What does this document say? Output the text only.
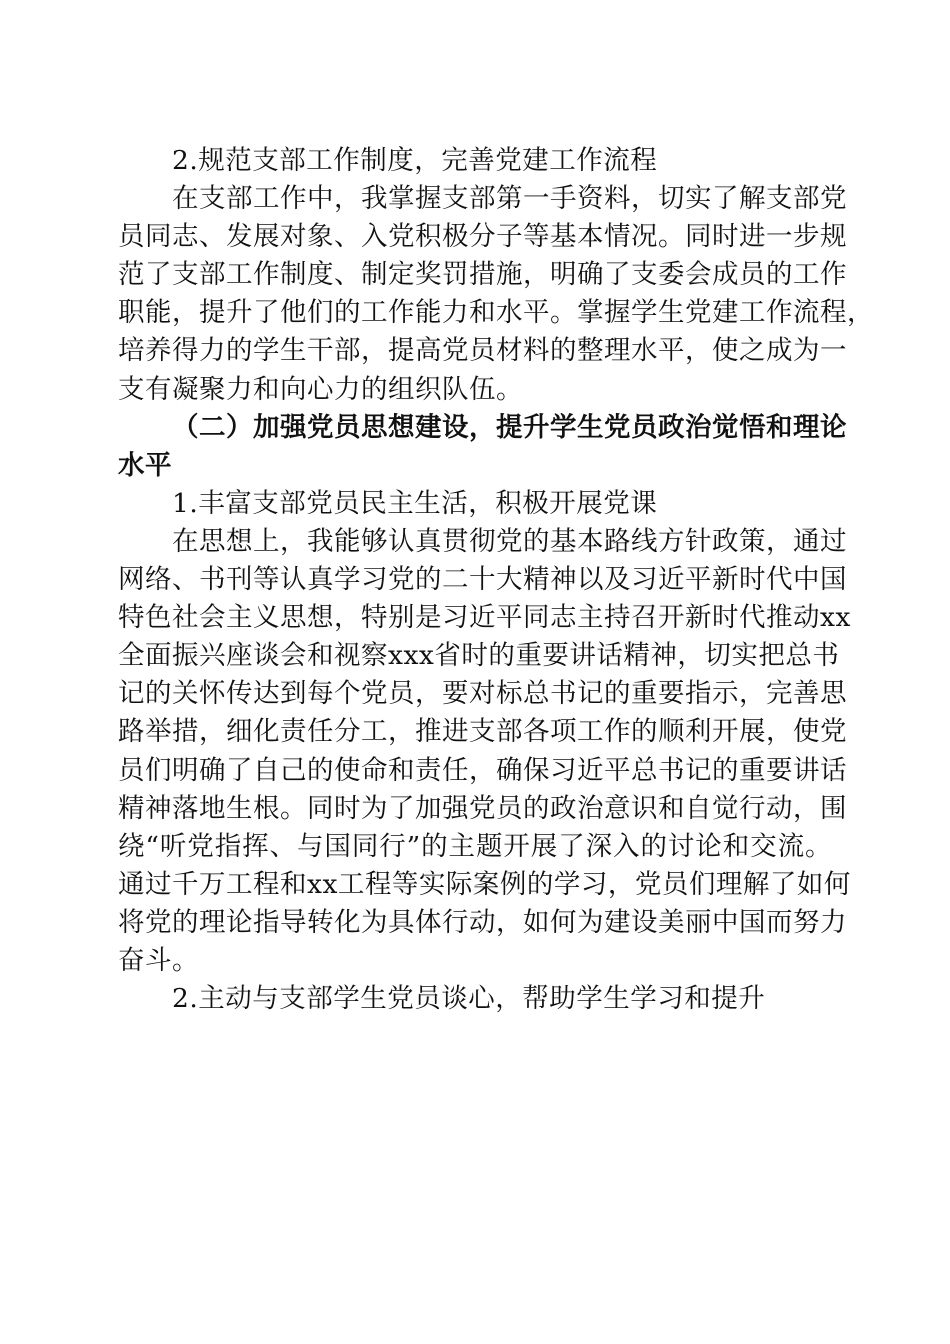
2.规范支部工作制度，完善党建工作流程
在支部工作中，我掌握支部第一手资料，切实了解支部党
员同志、发展对象、入党积极分子等基本情况。同时进一步规
范了支部工作制度、制定奖罚措施，明确了支委会成员的工作
职能，提升了他们的工作能力和水平。掌握学生党建工作流程，
培养得力的学生干部，提高党员材料的整理水平，使之成为一
支有凝聚力和向心力的组织队伍。
（二）加强党员思想建设，提升学生党员政治觉悟和理论
水平
1.丰富支部党员民主生活，积极开展党课
在思想上，我能够认真贯彻党的基本路线方针政策，通过
网络、书刊等认真学习党的二十大精神以及习近平新时代中国
特色社会主义思想，特别是习近平同志主持召开新时代推动xx
全面振兴座谈会和视察xxx省时的重要讲话精神，切实把总书
记的关怀传达到每个党员，要对标总书记的重要指示，完善思
路举措，细化责任分工，推进支部各项工作的顺利开展，使党
员们明确了自己的使命和责任，确保习近平总书记的重要讲话
精神落地生根。同时为了加强党员的政治意识和自觉行动，围
绕“听党指挥、与国同行”的主题开展了深入的讨论和交流。
通过千万工程和xx工程等实际案例的学习，党员们理解了如何
将党的理论指导转化为具体行动，如何为建设美丽中国而努力
奋斗。
2.主动与支部学生党员谈心，帮助学生学习和提升
